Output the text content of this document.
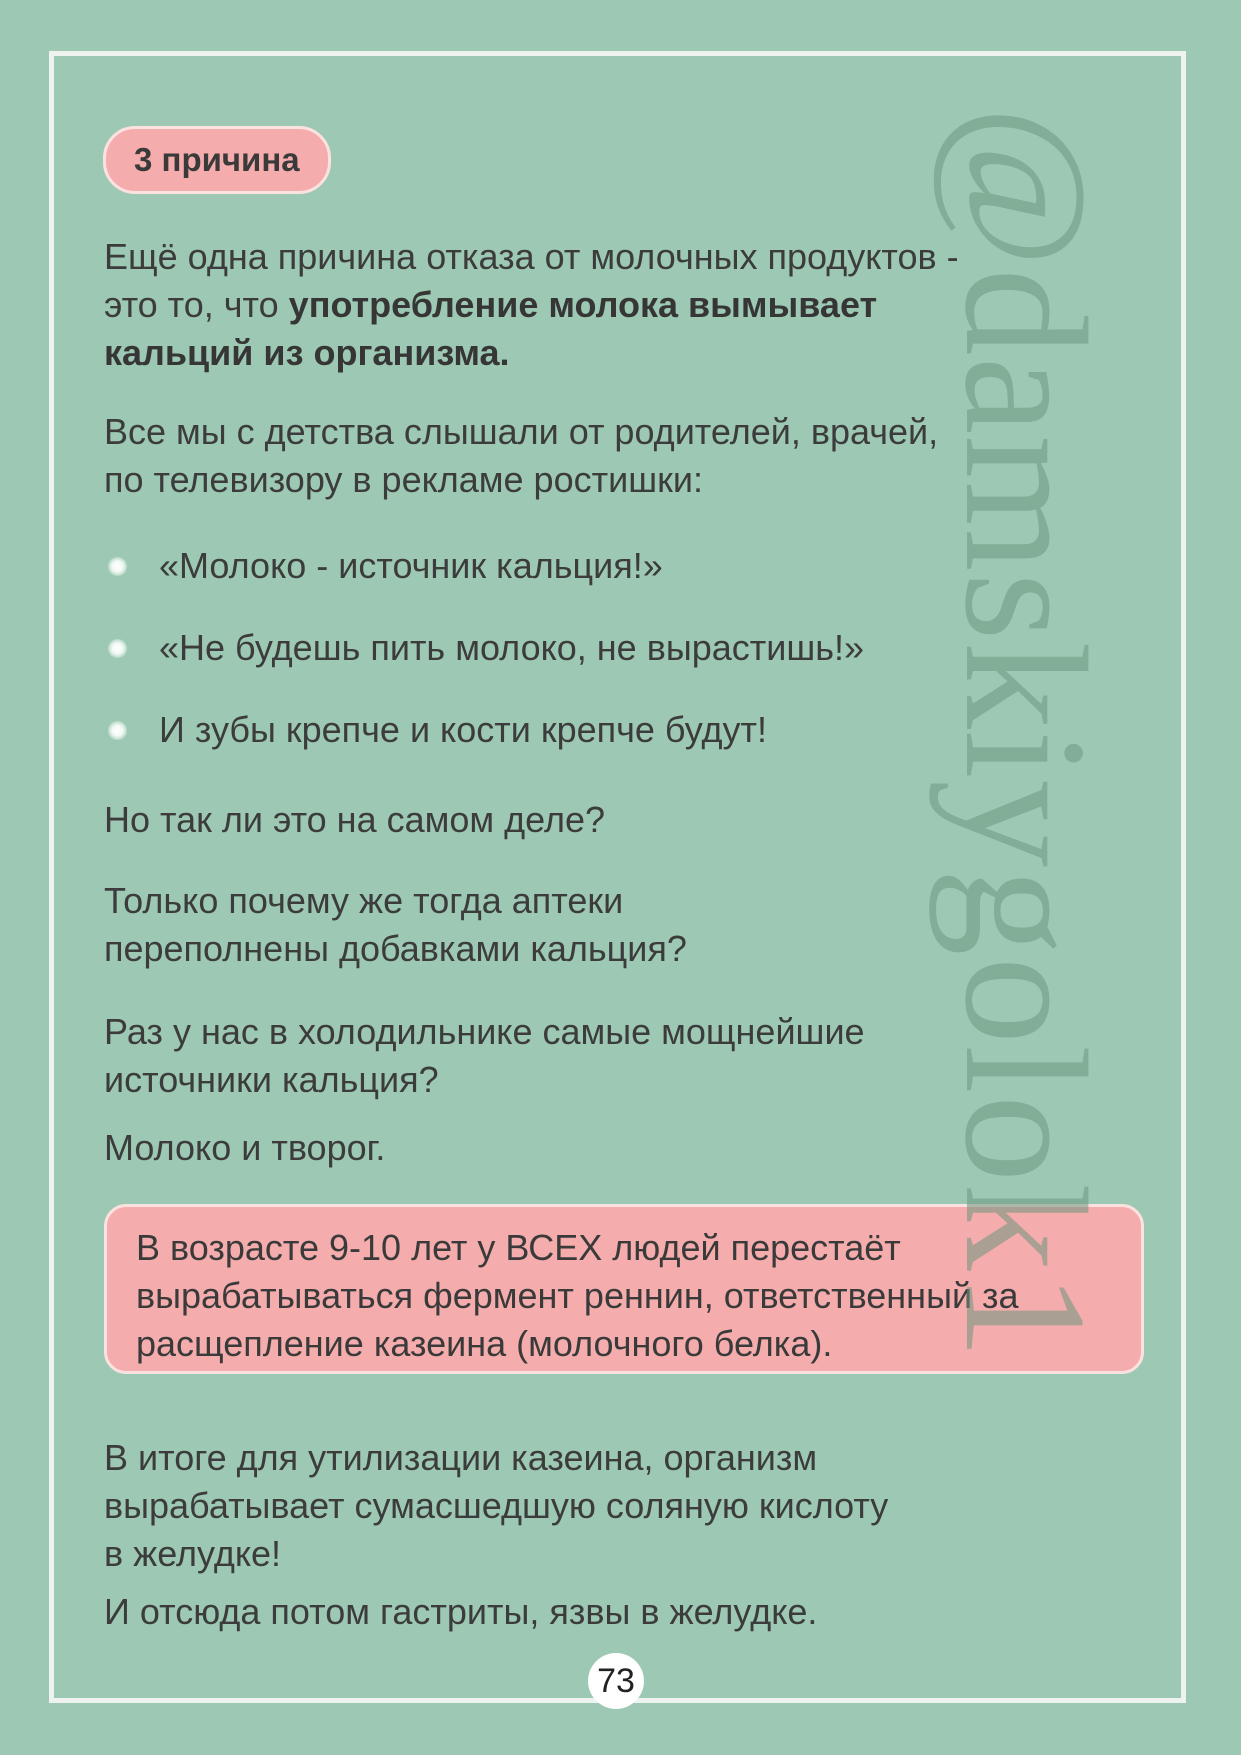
3 причина

Ещё одна причина отказа от молочных продуктов - это то, что употребление молока вымывает кальций из организма.

Все мы с детства слышали от родителей, врачей, по телевизору в рекламе ростишки:

«Молоко - источник кальция!»

«Не будешь пить молоко, не вырастишь!»

И зубы крепче и кости крепче будут!

Но так ли это на самом деле?

Только почему же тогда аптеки переполнены добавками кальция?

Раз у нас в холодильнике самые мощнейшие источники кальция?

Молоко и творог.

В возрасте 9-10 лет у ВСЕХ людей перестаёт вырабатываться фермент реннин, ответственный за расщепление казеина (молочного белка).

В итоге для утилизации казеина, организм вырабатывает сумасшедшую соляную кислоту в желудке!

И отсюда потом гастриты, язвы в желудке.

@damskiygolok1
73
